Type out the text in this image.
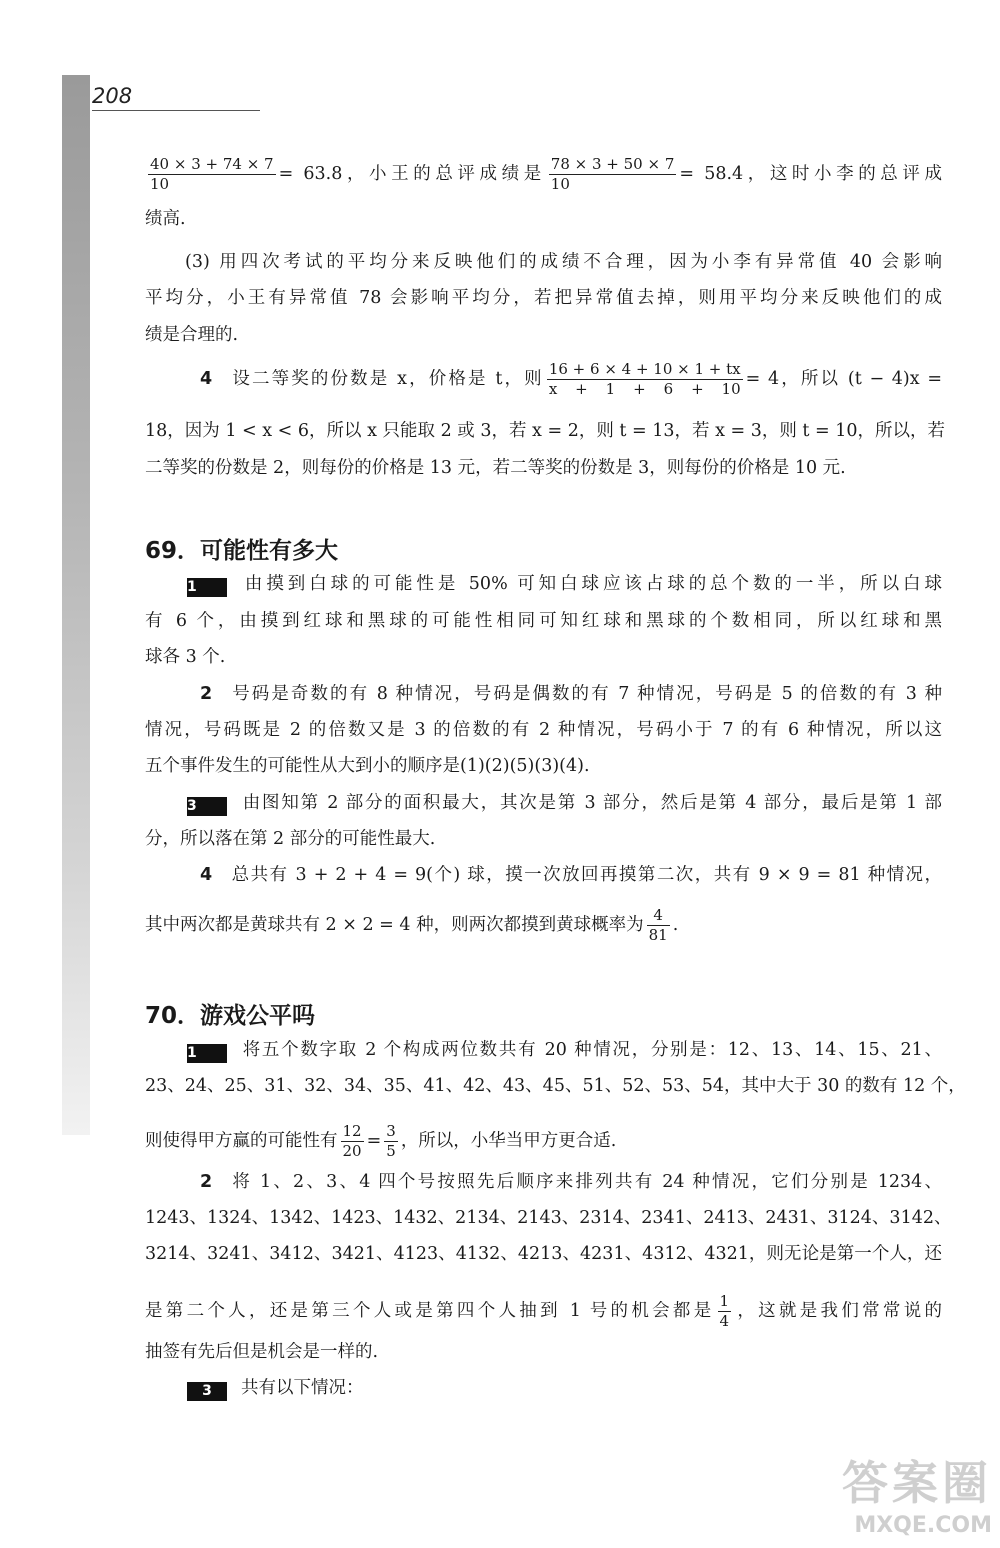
208
$\frac{40 \times 3 + 74 \times 7}{10} = 63.8$，小王的总评成绩是 $\frac{78 \times 3 + 50 \times 7}{10} = 58.4$，这时小李的总评成
绩高.
(3) 用四次考试的平均分来反映他们的成绩不合理，因为小李有异常值 40 会影响
平均分，小王有异常值 78 会影响平均分，若把异常值去掉，则用平均分来反映他们的成
绩是合理的.
4 设二等奖的份数是 x，价格是 t，则 $\frac{16 + 6 \times 4 + 10 \times 1 + tx}{x + 1 + 6 + 10} = 4$，所以 (t − 4)x =
18，因为 1 < x < 6，所以 x 只能取 2 或 3，若 x = 2，则 t = 13，若 x = 3，则 t = 10，所以，若
二等奖的份数是 2，则每份的价格是 13 元，若二等奖的份数是 3，则每份的价格是 10 元.
69．可能性有多大
1	由摸到白球的可能性是 50% 可知白球应该占球的总个数的一半，所以白球
有 6 个，由摸到红球和黑球的可能性相同可知红球和黑球的个数相同，所以红球和黑
球各 3 个.
2 号码是奇数的有 8 种情况，号码是偶数的有 7 种情况，号码是 5 的倍数的有 3 种
情况，号码既是 2 的倍数又是 3 的倍数的有 2 种情况，号码小于 7 的有 6 种情况，所以这
五个事件发生的可能性从大到小的顺序是(1)(2)(5)(3)(4).
3	由图知第 2 部分的面积最大，其次是第 3 部分，然后是第 4 部分，最后是第 1 部
分，所以落在第 2 部分的可能性最大.
4 总共有 3 + 2 + 4 = 9(个) 球，摸一次放回再摸第二次，共有 9 × 9 = 81 种情况，
其中两次都是黄球共有 2 × 2 = 4 种，则两次都摸到黄球概率为 $\frac{4}{81}$ .
70．游戏公平吗
1	将五个数字取 2 个构成两位数共有 20 种情况，分别是：12、13、14、15、21、
23、24、25、31、32、34、35、41、42、43、45、51、52、53、54，其中大于 30 的数有 12 个，
则使得甲方赢的可能性有 $\frac{12}{20} = \frac{3}{5}$ ，所以，小华当甲方更合适.
2 将 1、2、3、4 四个号按照先后顺序来排列共有 24 种情况，它们分别是 1234、
1243、1324、1342、1423、1432、2134、2143、2314、2341、2413、2431、3124、3142、
3214、3241、3412、3421、4123、4132、4213、4231、4312、4321，则无论是第一个人，还
是第二个人，还是第三个人或是第四个人抽到 1 号的机会都是 $\frac{1}{4}$ ，这就是我们常常说的
抽签有先后但是机会是一样的.
3 共有以下情况：
答案圈
MXQE.COM
